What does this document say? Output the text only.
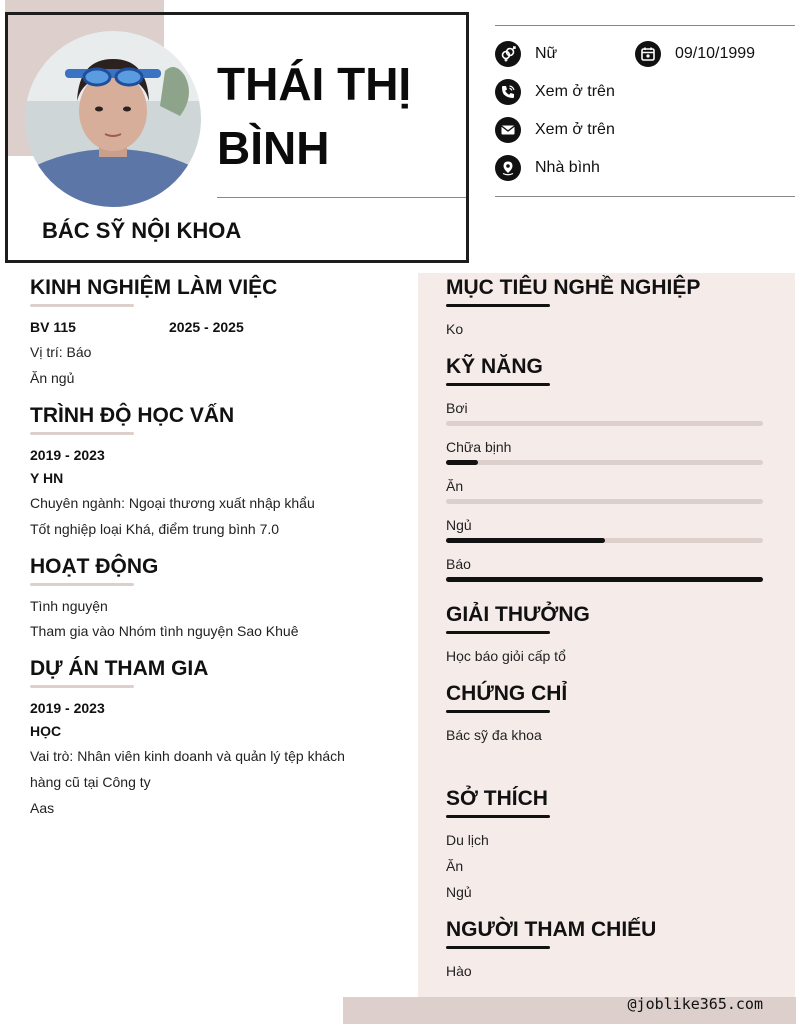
THÁI THỊ
BÌNH
BÁC SỸ NỘI KHOA
Nữ	09/10/1999
Xem ở trên
Xem ở trên
Nhà bình
KINH NGHIỆM LÀM VIỆC
BV 115	2025 - 2025
Vị trí: Báo
Ăn ngủ
TRÌNH ĐỘ HỌC VẤN
2019 - 2023
Y HN
Chuyên ngành: Ngoại thương xuất nhập khẩu
Tốt nghiệp loại Khá, điểm trung bình 7.0
HOẠT ĐỘNG
Tình nguyện
Tham gia vào Nhóm tình nguyện Sao Khuê
DỰ ÁN THAM GIA
2019 - 2023
HỌC
Vai trò: Nhân viên kinh doanh và quản lý tệp khách hàng cũ tại Công ty
Aas
MỤC TIÊU NGHỀ NGHIỆP
Ko
KỸ NĂNG
Bơi
Chữa bịnh
Ăn
Ngủ
Báo
GIẢI THƯỞNG
Học báo giỏi cấp tổ
CHỨNG CHỈ
Bác sỹ đa khoa
SỞ THÍCH
Du lịch
Ăn
Ngủ
NGƯỜI THAM CHIẾU
Hào
@joblike365.com
